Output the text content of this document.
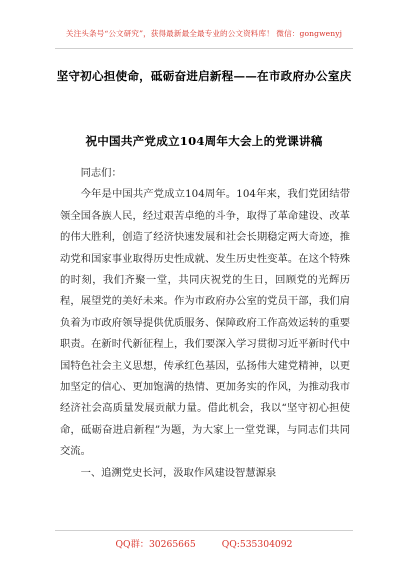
关注头条号“公文研究”，获得最新最全最专业的公文资料库！ 微信：gongwenyj
坚守初心担使命，砥砺奋进启新程——在市政府办公室庆
祝中国共产党成立104周年大会上的党课讲稿

同志们：

今年是中国共产党成立104周年。104年来，我们党团结带领全国各族人民，经过艰苦卓绝的斗争，取得了革命建设、改革的伟大胜利，创造了经济快速发展和社会长期稳定两大奇迹，推动党和国家事业取得历史性成就、发生历史性变革。在这个特殊的时刻，我们齐聚一堂，共同庆祝党的生日，回顾党的光辉历程，展望党的美好未来。作为市政府办公室的党员干部，我们肩负着为市政府领导提供优质服务、保障政府工作高效运转的重要职责。在新时代新征程上，我们要深入学习贯彻习近平新时代中国特色社会主义思想，传承红色基因，弘扬伟大建党精神，以更加坚定的信心、更加饱满的热情、更加务实的作风，为推动我市经济社会高质量发展贡献力量。借此机会，我以“坚守初心担使命，砥砺奋进启新程”为题，为大家上一堂党课，与同志们共同交流。

一、追溯党史长河，汲取作风建设智慧源泉

QQ群：30265665	QQ:535304092
